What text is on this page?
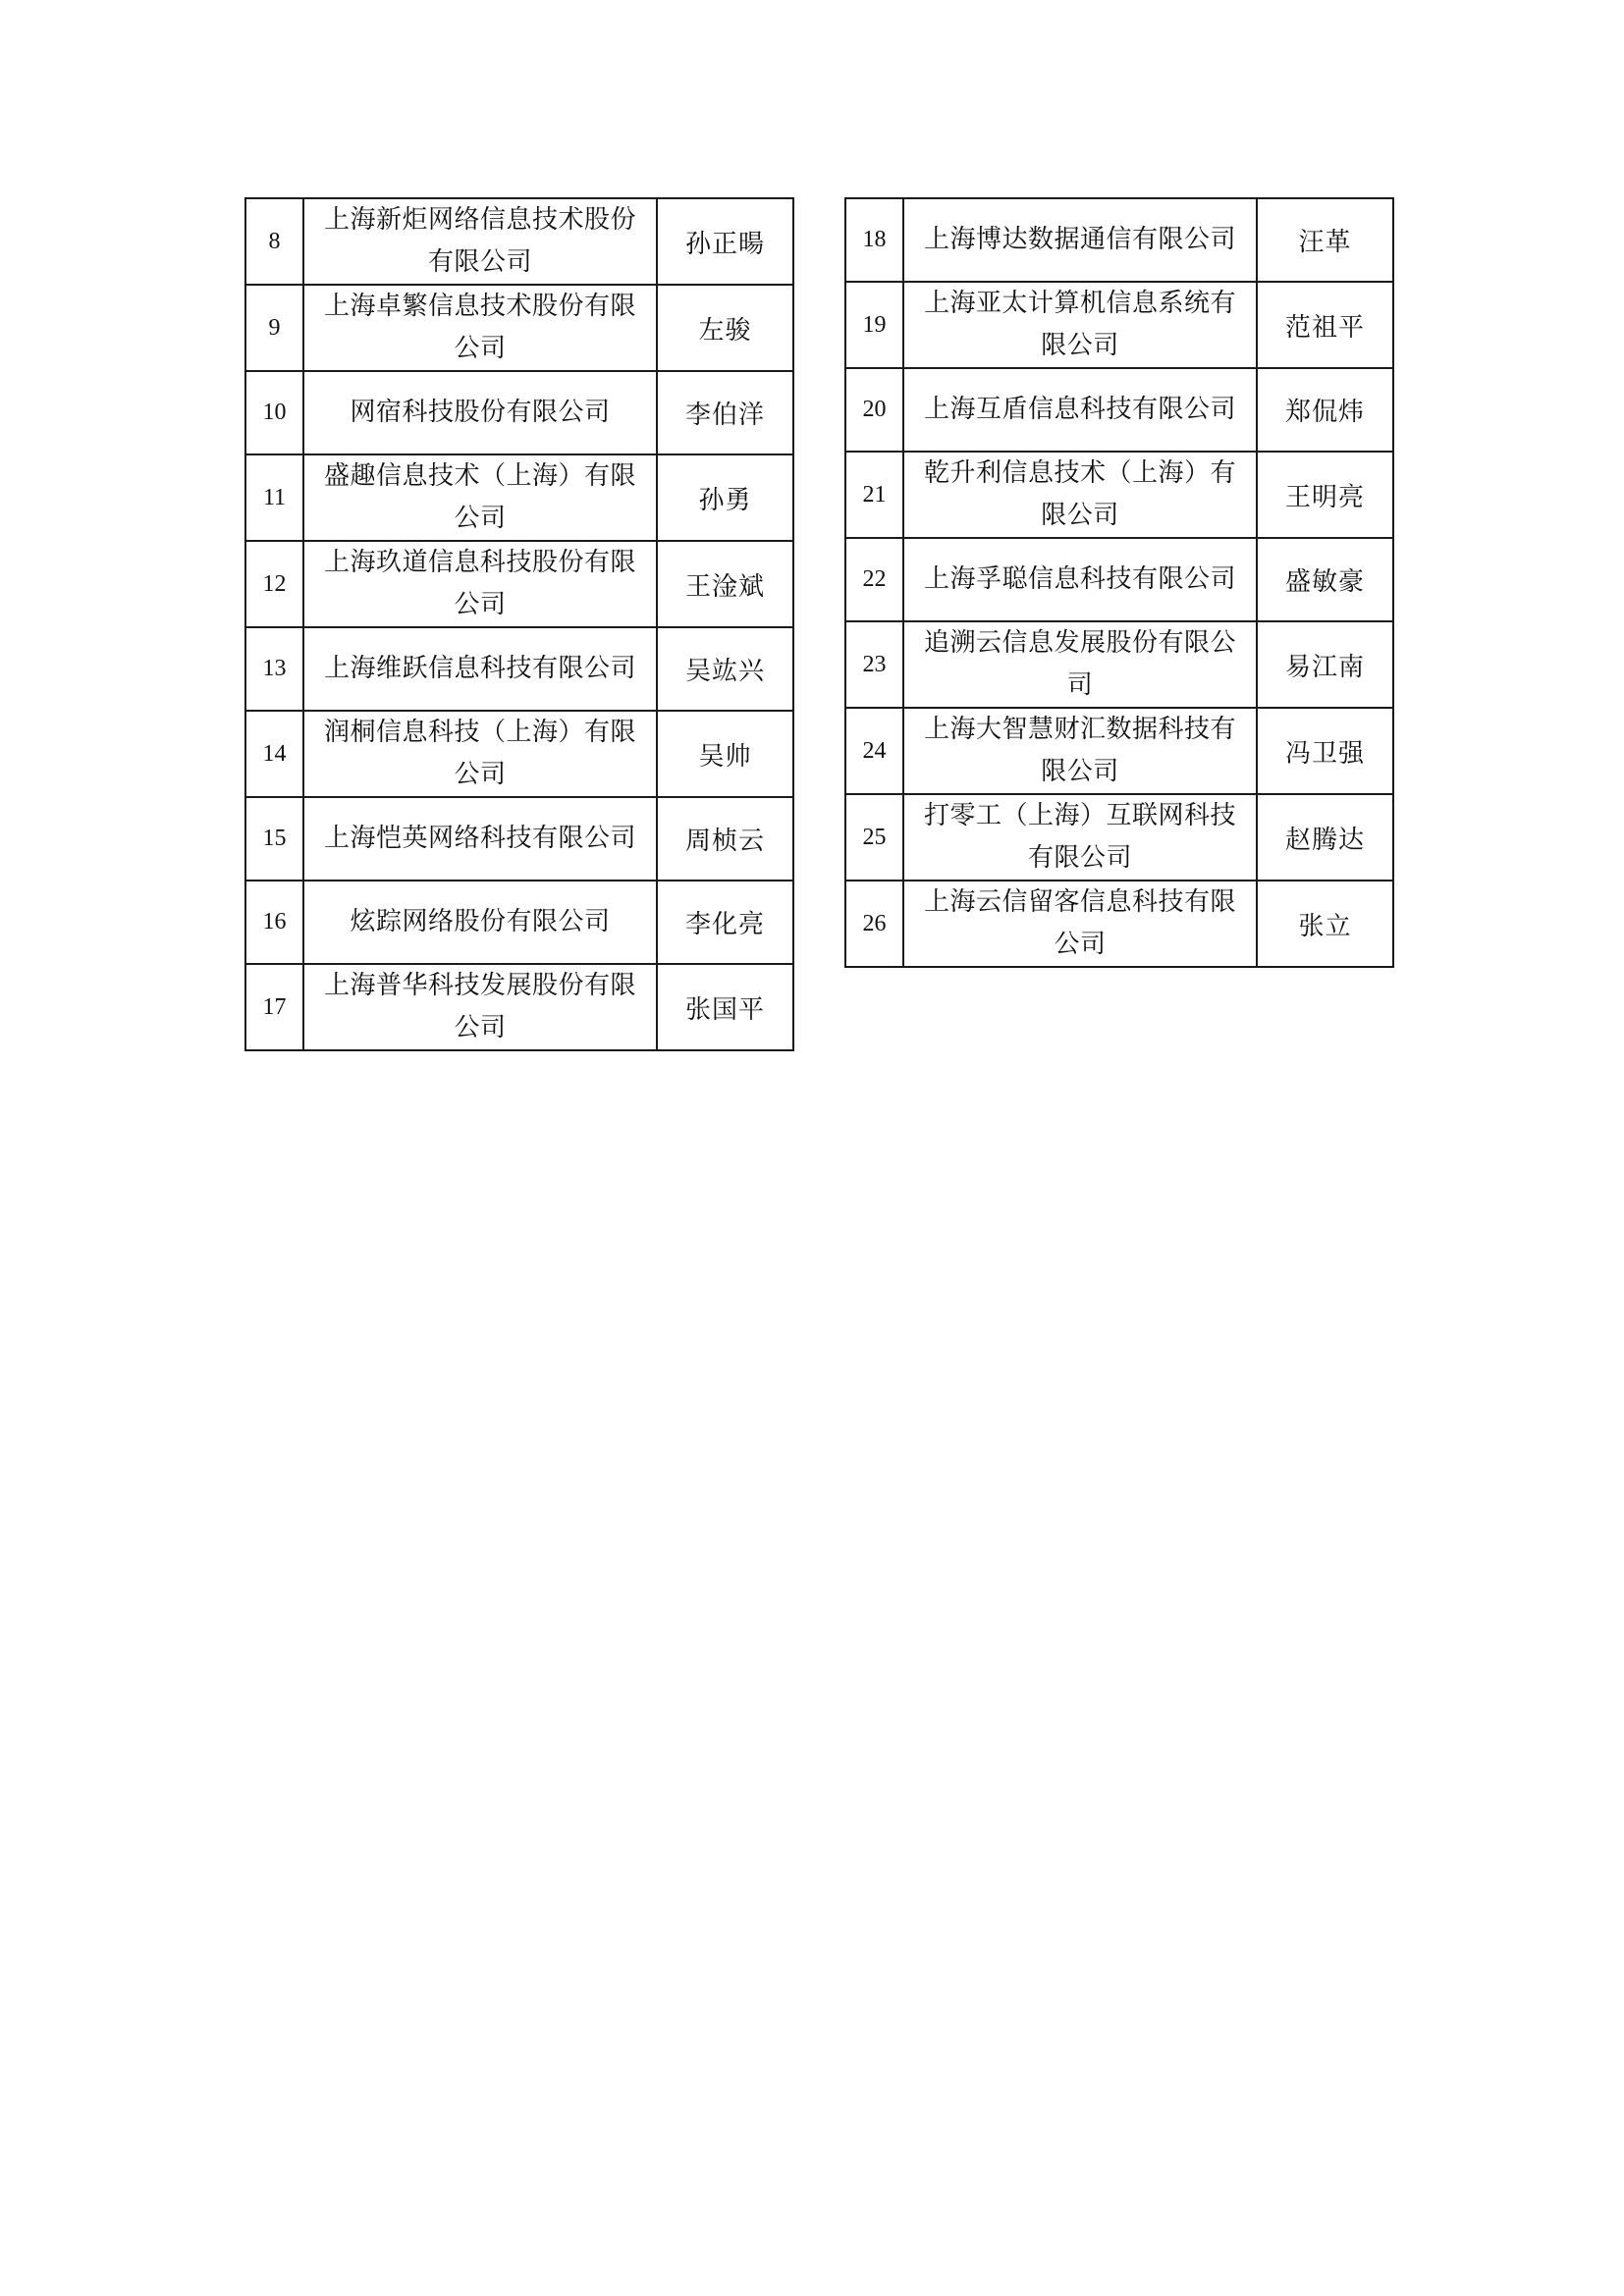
8	上海新炬网络信息技术股份有限公司	孙正暘
9	上海卓繁信息技术股份有限公司	左骏
10	网宿科技股份有限公司	李伯洋
11	盛趣信息技术（上海）有限公司	孙勇
12	上海玖道信息科技股份有限公司	王淦斌
13	上海维跃信息科技有限公司	吴竑兴
14	润桐信息科技（上海）有限公司	吴帅
15	上海恺英网络科技有限公司	周桢云
16	炫踪网络股份有限公司	李化亮
17	上海普华科技发展股份有限公司	张国平
18	上海博达数据通信有限公司	汪革
19	上海亚太计算机信息系统有限公司	范祖平
20	上海互盾信息科技有限公司	郑侃炜
21	乾升利信息技术（上海）有限公司	王明亮
22	上海孚聪信息科技有限公司	盛敏豪
23	追溯云信息发展股份有限公司	易江南
24	上海大智慧财汇数据科技有限公司	冯卫强
25	打零工（上海）互联网科技有限公司	赵腾达
26	上海云信留客信息科技有限公司	张立
